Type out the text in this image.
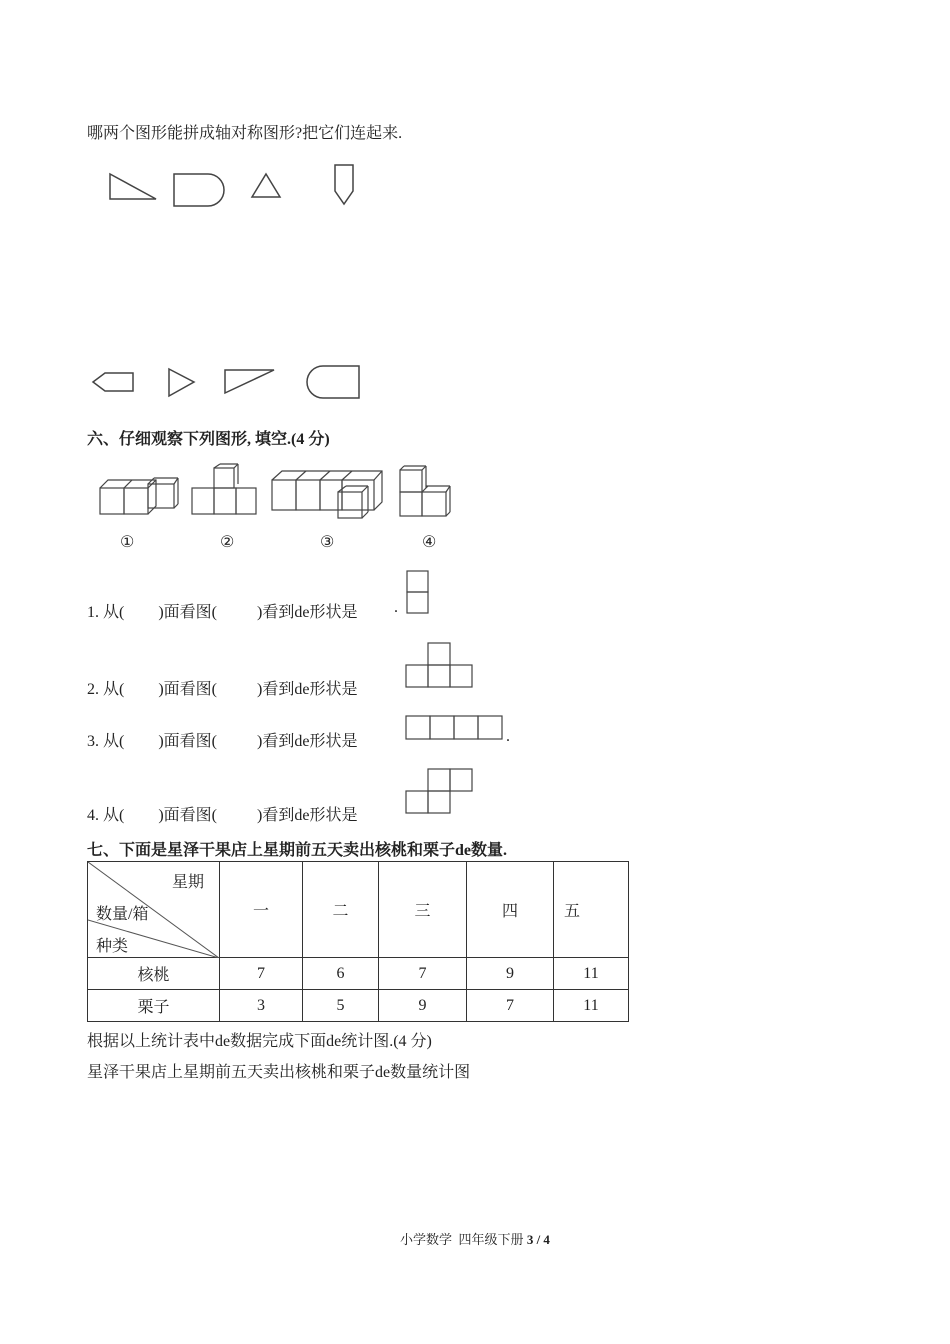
哪两个图形能拼成轴对称图形?把它们连起来.
六、仔细观察下列图形, 填空.(4 分)
①	②	③	④
1. 从( )面看图(	)看到de形状是 .
2. 从( )面看图(	)看到de形状是
3. 从( )面看图(	)看到de形状是	.
4. 从( )面看图(	)看到de形状是
七、下面是星泽干果店上星期前五天卖出核桃和栗子de数量.
星期
数量/箱
种类	一	二	三	四	五
核桃	7	6	7	9	11
栗子	3	5	9	7	11
根据以上统计表中de数据完成下面de统计图.(4 分)
星泽干果店上星期前五天卖出核桃和栗子de数量统计图
小学数学  四年级下册 3 / 4
